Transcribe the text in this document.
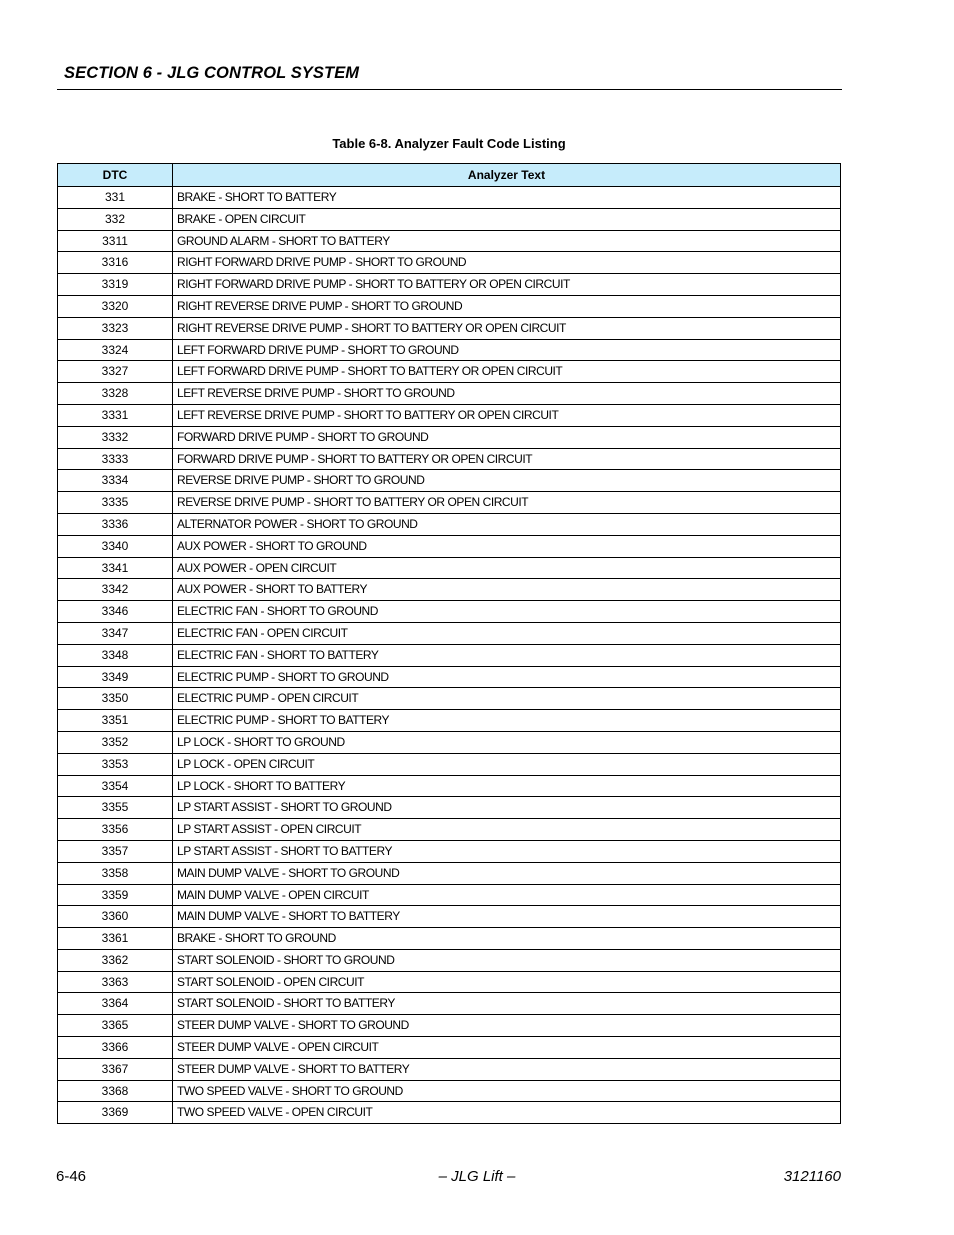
SECTION 6 - JLG CONTROL SYSTEM
Table 6-8. Analyzer Fault Code Listing
DTC	Analyzer Text
331	BRAKE - SHORT TO BATTERY
332	BRAKE - OPEN CIRCUIT
3311	GROUND ALARM - SHORT TO BATTERY
3316	RIGHT FORWARD DRIVE PUMP - SHORT TO GROUND
3319	RIGHT FORWARD DRIVE PUMP - SHORT TO BATTERY OR OPEN CIRCUIT
3320	RIGHT REVERSE DRIVE PUMP - SHORT TO GROUND
3323	RIGHT REVERSE DRIVE PUMP - SHORT TO BATTERY OR OPEN CIRCUIT
3324	LEFT FORWARD DRIVE PUMP - SHORT TO GROUND
3327	LEFT FORWARD DRIVE PUMP - SHORT TO BATTERY OR OPEN CIRCUIT
3328	LEFT REVERSE DRIVE PUMP - SHORT TO GROUND
3331	LEFT REVERSE DRIVE PUMP - SHORT TO BATTERY OR OPEN CIRCUIT
3332	FORWARD DRIVE PUMP - SHORT TO GROUND
3333	FORWARD DRIVE PUMP - SHORT TO BATTERY OR OPEN CIRCUIT
3334	REVERSE DRIVE PUMP - SHORT TO GROUND
3335	REVERSE DRIVE PUMP - SHORT TO BATTERY OR OPEN CIRCUIT
3336	ALTERNATOR POWER - SHORT TO GROUND
3340	AUX POWER - SHORT TO GROUND
3341	AUX POWER - OPEN CIRCUIT
3342	AUX POWER - SHORT TO BATTERY
3346	ELECTRIC FAN - SHORT TO GROUND
3347	ELECTRIC FAN - OPEN CIRCUIT
3348	ELECTRIC FAN - SHORT TO BATTERY
3349	ELECTRIC PUMP - SHORT TO GROUND
3350	ELECTRIC PUMP - OPEN CIRCUIT
3351	ELECTRIC PUMP - SHORT TO BATTERY
3352	LP LOCK - SHORT TO GROUND
3353	LP LOCK - OPEN CIRCUIT
3354	LP LOCK - SHORT TO BATTERY
3355	LP START ASSIST - SHORT TO GROUND
3356	LP START ASSIST - OPEN CIRCUIT
3357	LP START ASSIST - SHORT TO BATTERY
3358	MAIN DUMP VALVE - SHORT TO GROUND
3359	MAIN DUMP VALVE - OPEN CIRCUIT
3360	MAIN DUMP VALVE - SHORT TO BATTERY
3361	BRAKE - SHORT TO GROUND
3362	START SOLENOID - SHORT TO GROUND
3363	START SOLENOID - OPEN CIRCUIT
3364	START SOLENOID - SHORT TO BATTERY
3365	STEER DUMP VALVE - SHORT TO GROUND
3366	STEER DUMP VALVE - OPEN CIRCUIT
3367	STEER DUMP VALVE - SHORT TO BATTERY
3368	TWO SPEED VALVE - SHORT TO GROUND
3369	TWO SPEED VALVE - OPEN CIRCUIT
6-46	– JLG Lift –	3121160
